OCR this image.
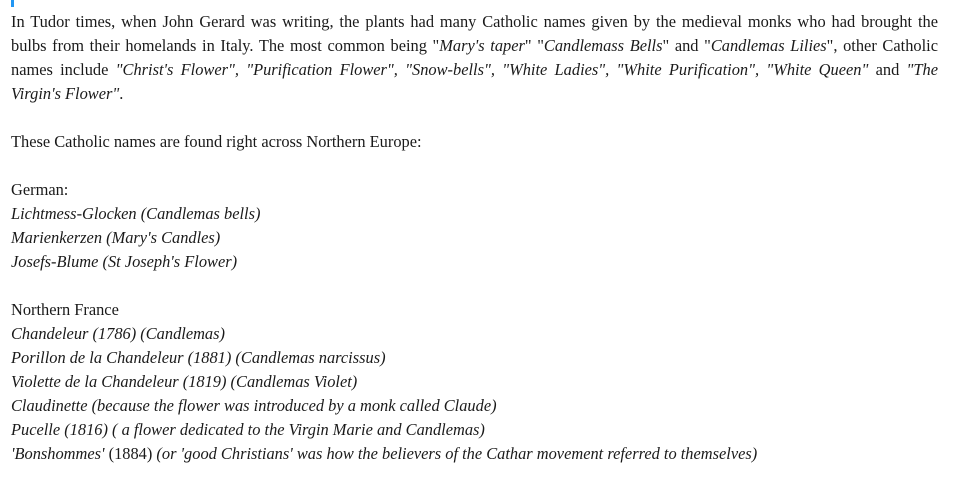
In Tudor times, when John Gerard was writing, the plants had many Catholic names given by the medieval monks who had brought the bulbs from their homelands in Italy. The most common being "Mary's taper" "Candlemass Bells" and "Candlemas Lilies", other Catholic names include "Christ's Flower", "Purification Flower", "Snow-bells", "White Ladies", "White Purification", "White Queen" and "The Virgin's Flower".

These Catholic names are found right across Northern Europe:

German:

Lichtmess-Glocken (Candlemas bells)

Marienkerzen (Mary's Candles)

Josefs-Blume (St Joseph's Flower)

Northern France

Chandeleur (1786) (Candlemas)

Porillon de la Chandeleur (1881) (Candlemas narcissus)

Violette de la Chandeleur (1819) (Candlemas Violet)

Claudinette (because the flower was introduced by a monk called Claude)

Pucelle (1816) ( a flower dedicated to the Virgin Marie and Candlemas)

'Bonshommes' (1884) (or 'good Christians' was how the believers of the Cathar movement referred to themselves)
